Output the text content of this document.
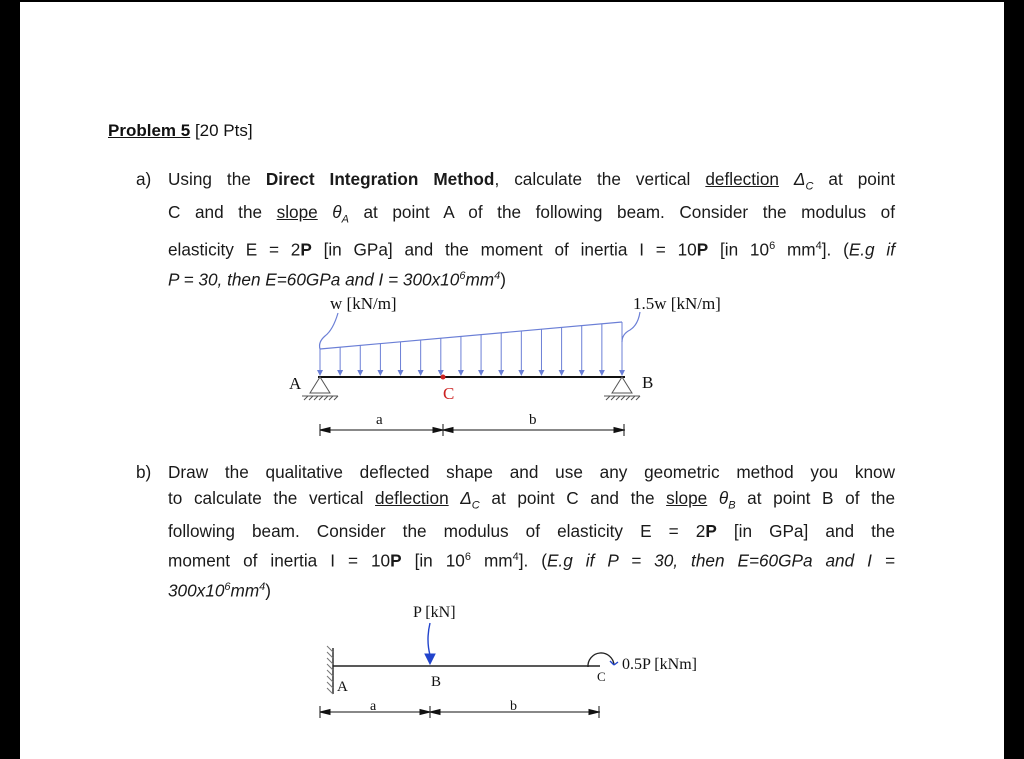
Problem 5 [20 Pts]
a) Using the Direct Integration Method, calculate the vertical deflection $\Delta_C$ at point
C and the slope $\theta_A$ at point A of the following beam. Consider the modulus of
elasticity E = 2P [in GPa] and the moment of inertia I = 10P [in $10^6$ $mm^4$]. (E.g if
P = 30, then E=60GPa and $I = 300x10^6mm^4$)
b) Draw the qualitative deflected shape and use any geometric method you know
to calculate the vertical deflection $\Delta_C$ at point C and the slope $\theta_B$ at point B of the
following beam. Consider the modulus of elasticity E = 2P [in GPa] and the
moment of inertia I = 10P [in $10^6$ $mm^4$]. (E.g if P = 30, then E=60GPa and I =
$300x10^6mm^4$)
w [kN/m]	1.5w [kN/m]
A	B
C
a	b
P [kN]
0.5P [kNm]
A	B	C
a	b
